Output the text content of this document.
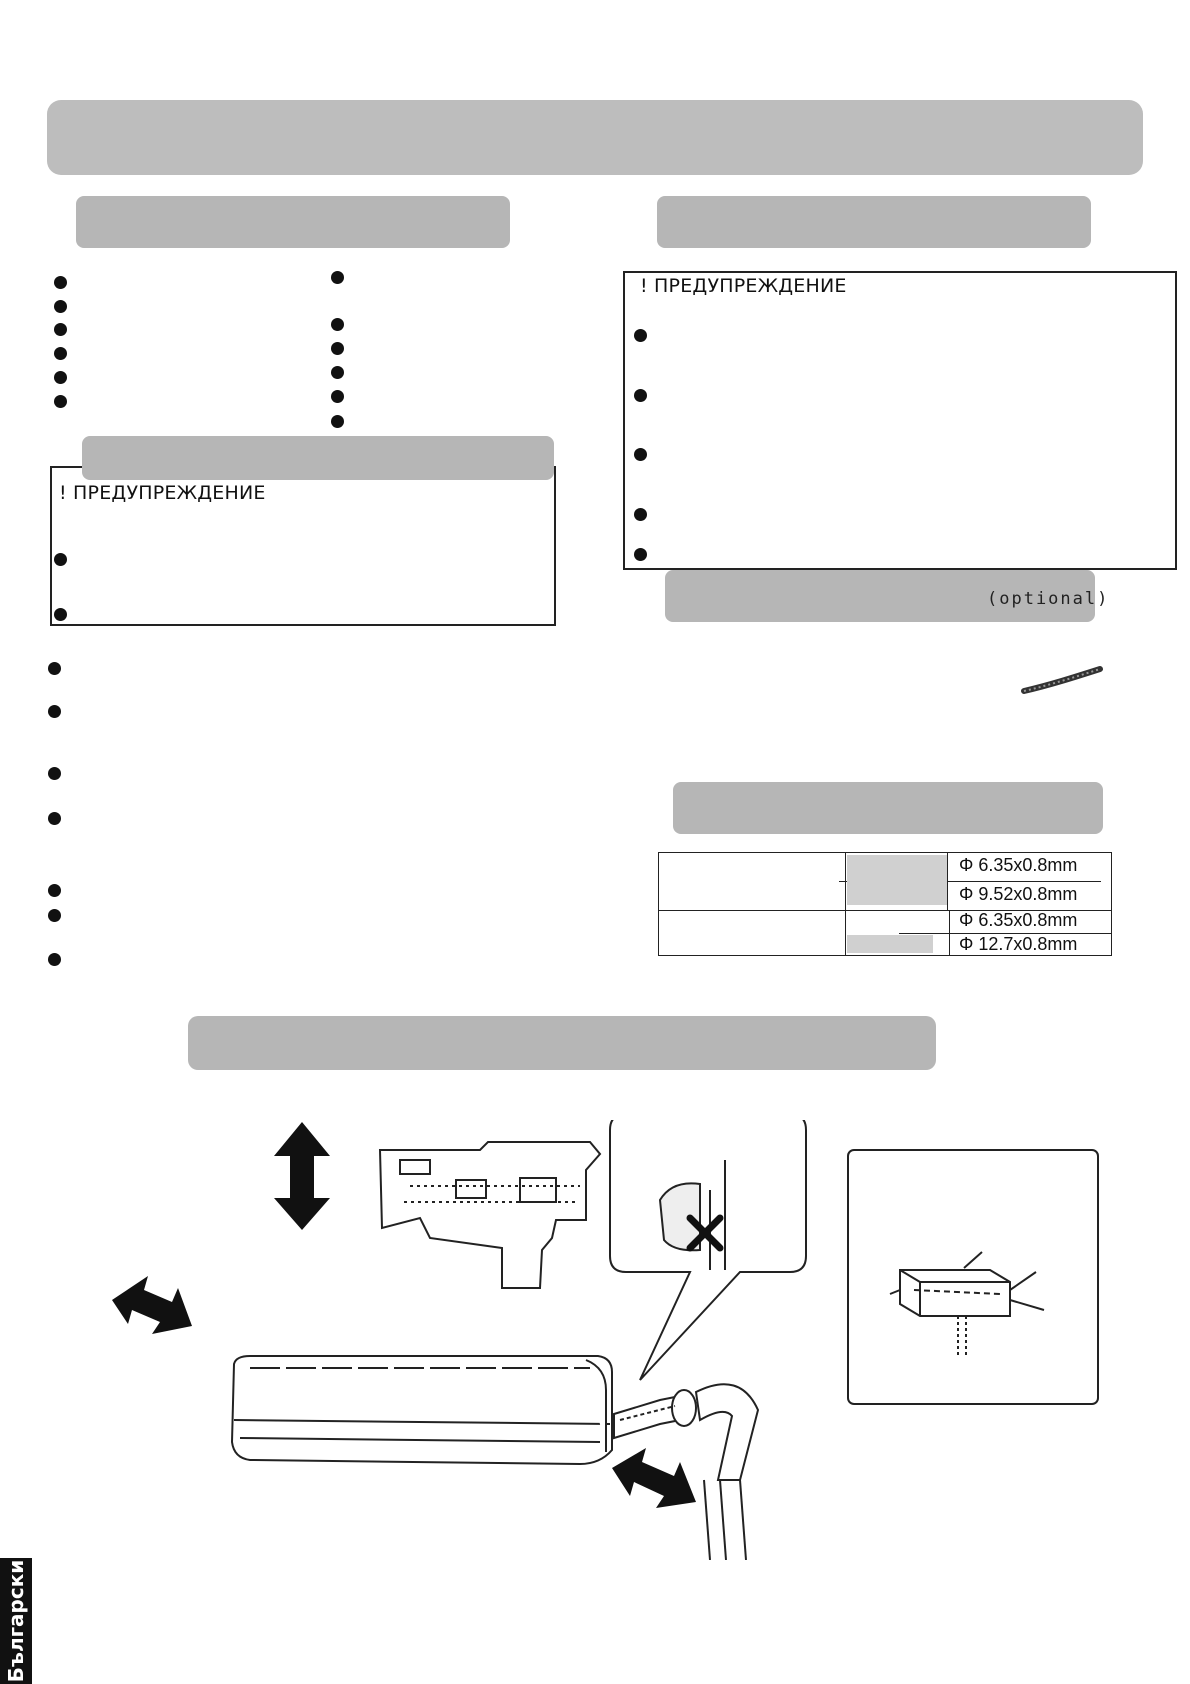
! ПРЕДУПРЕЖДЕНИЕ
! ПРЕДУПРЕЖДЕНИЕ
(optional)
Φ 6.35x0.8mm
Φ 9.52x0.8mm
Φ 6.35x0.8mm
Φ 12.7x0.8mm
Български
